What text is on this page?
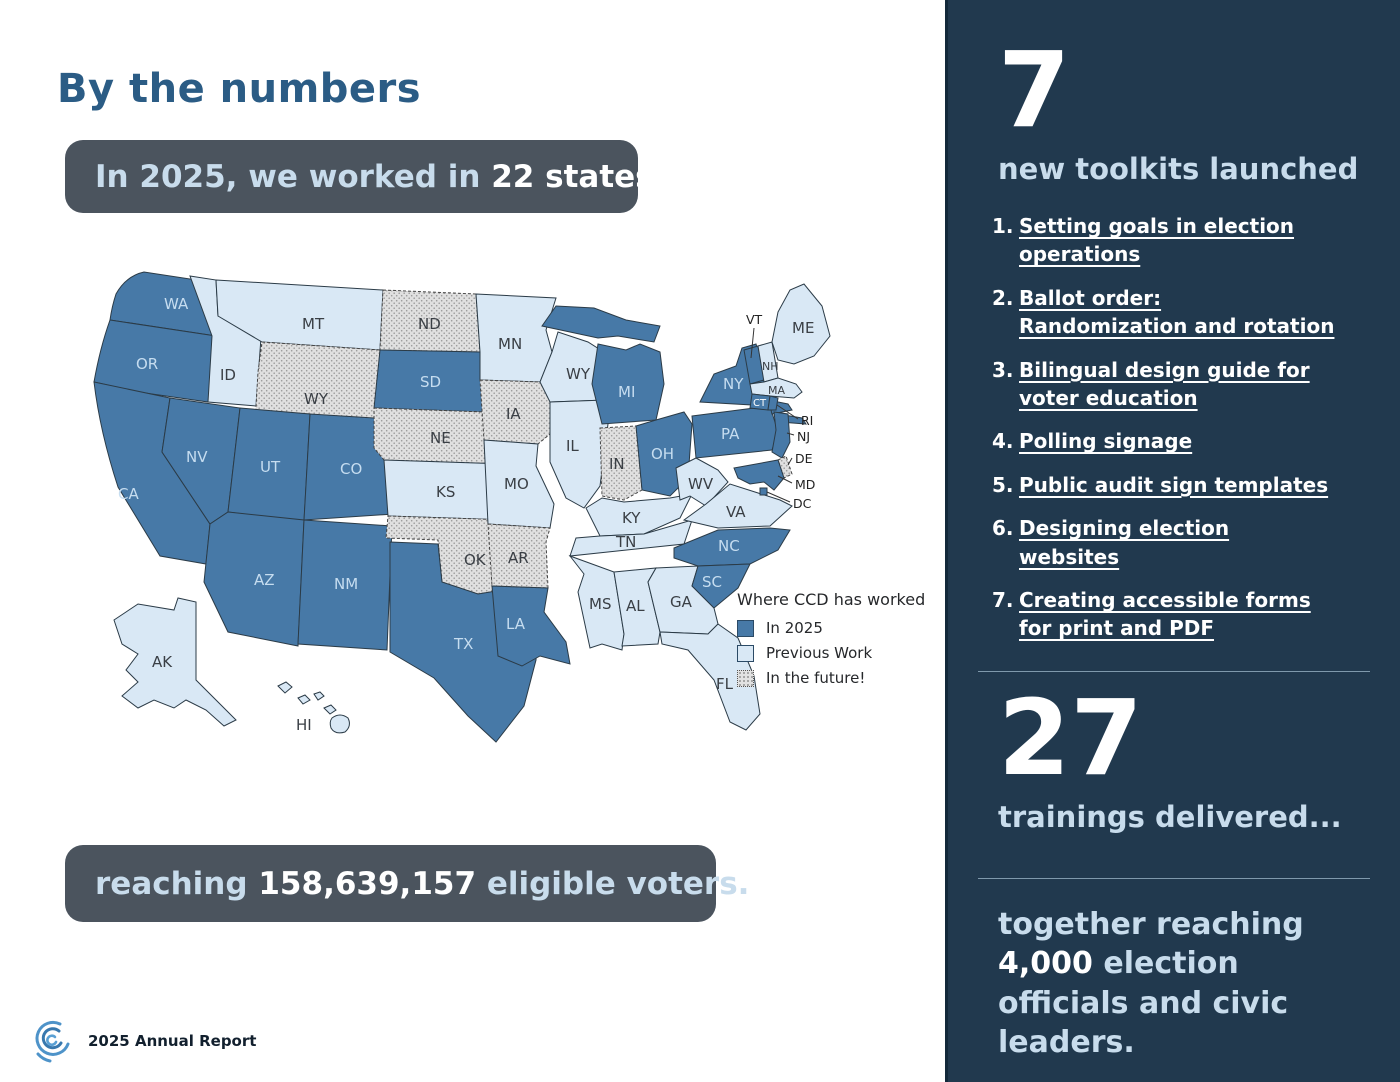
By the numbers
In 2025, we worked in 22 states
WA
OR
CA
NV
ID
MT
WY
UT	CO
AZ	NM
ND
SD
NE
KS
OK
TX
MN
IA
MO
AR
LA
WY
IL
IN
OH
MI
KY
TN
MS AL GA
FL
WV
VA
NC
SC
PA
NY
ME
NH
MA
CT
VT
RI
NJ
DE
MD
DC
AK
HI
Where CCD has worked
In 2025
Previous Work
In the future!
reaching 158,639,157 eligible voters.
2025 Annual Report
7
new toolkits launched
1. Setting goals in election operations
2. Ballot order: Randomization and rotation
3. Bilingual design guide for voter education
4. Polling signage
5. Public audit sign templates
6. Designing election websites
7. Creating accessible forms for print and PDF
27
trainings delivered...
together reaching 4,000 election officials and civic leaders.
